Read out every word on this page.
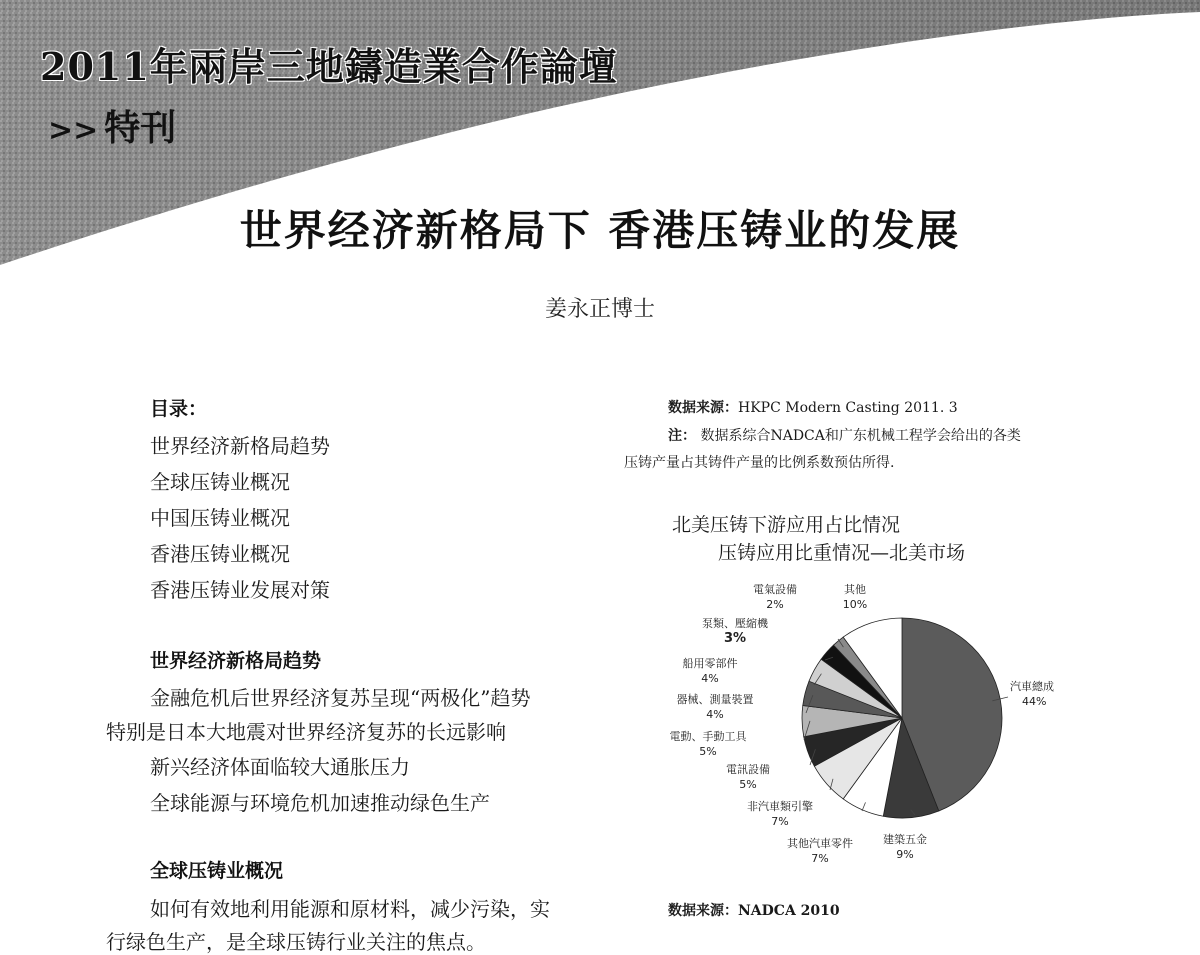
2011年兩岸三地鑄造業合作論壇
>> 特刊
世界经济新格局下 香港压铸业的发展
姜永正博士
目录：
世界经济新格局趋势
全球压铸业概况
中国压铸业概况
香港压铸业概况
香港压铸业发展对策
世界经济新格局趋势
金融危机后世界经济复苏呈现“两极化”趋势
特别是日本大地震对世界经济复苏的长远影响
新兴经济体面临较大通胀压力
全球能源与环境危机加速推动绿色生产
全球压铸业概况
如何有效地利用能源和原材料，减少污染，实
行绿色生产，是全球压铸行业关注的焦点。
数据来源：HKPC Modern Casting 2011. 3
注： 数据系综合NADCA和广东机械工程学会给出的各类
压铸产量占其铸件产量的比例系数预估所得.
北美压铸下游应用占比情况
压铸应用比重情况—北美市场
汽車總成
44%
建築五金
9%
其他汽車零件
7%
非汽車類引擎
7%
電訊設備
5%
電動、手動工具
5%
器械、測量裝置
4%
船用零部件
4%
泵類、壓縮機
3%
電氣設備
2%
其他
10%
数据来源：NADCA 2010
